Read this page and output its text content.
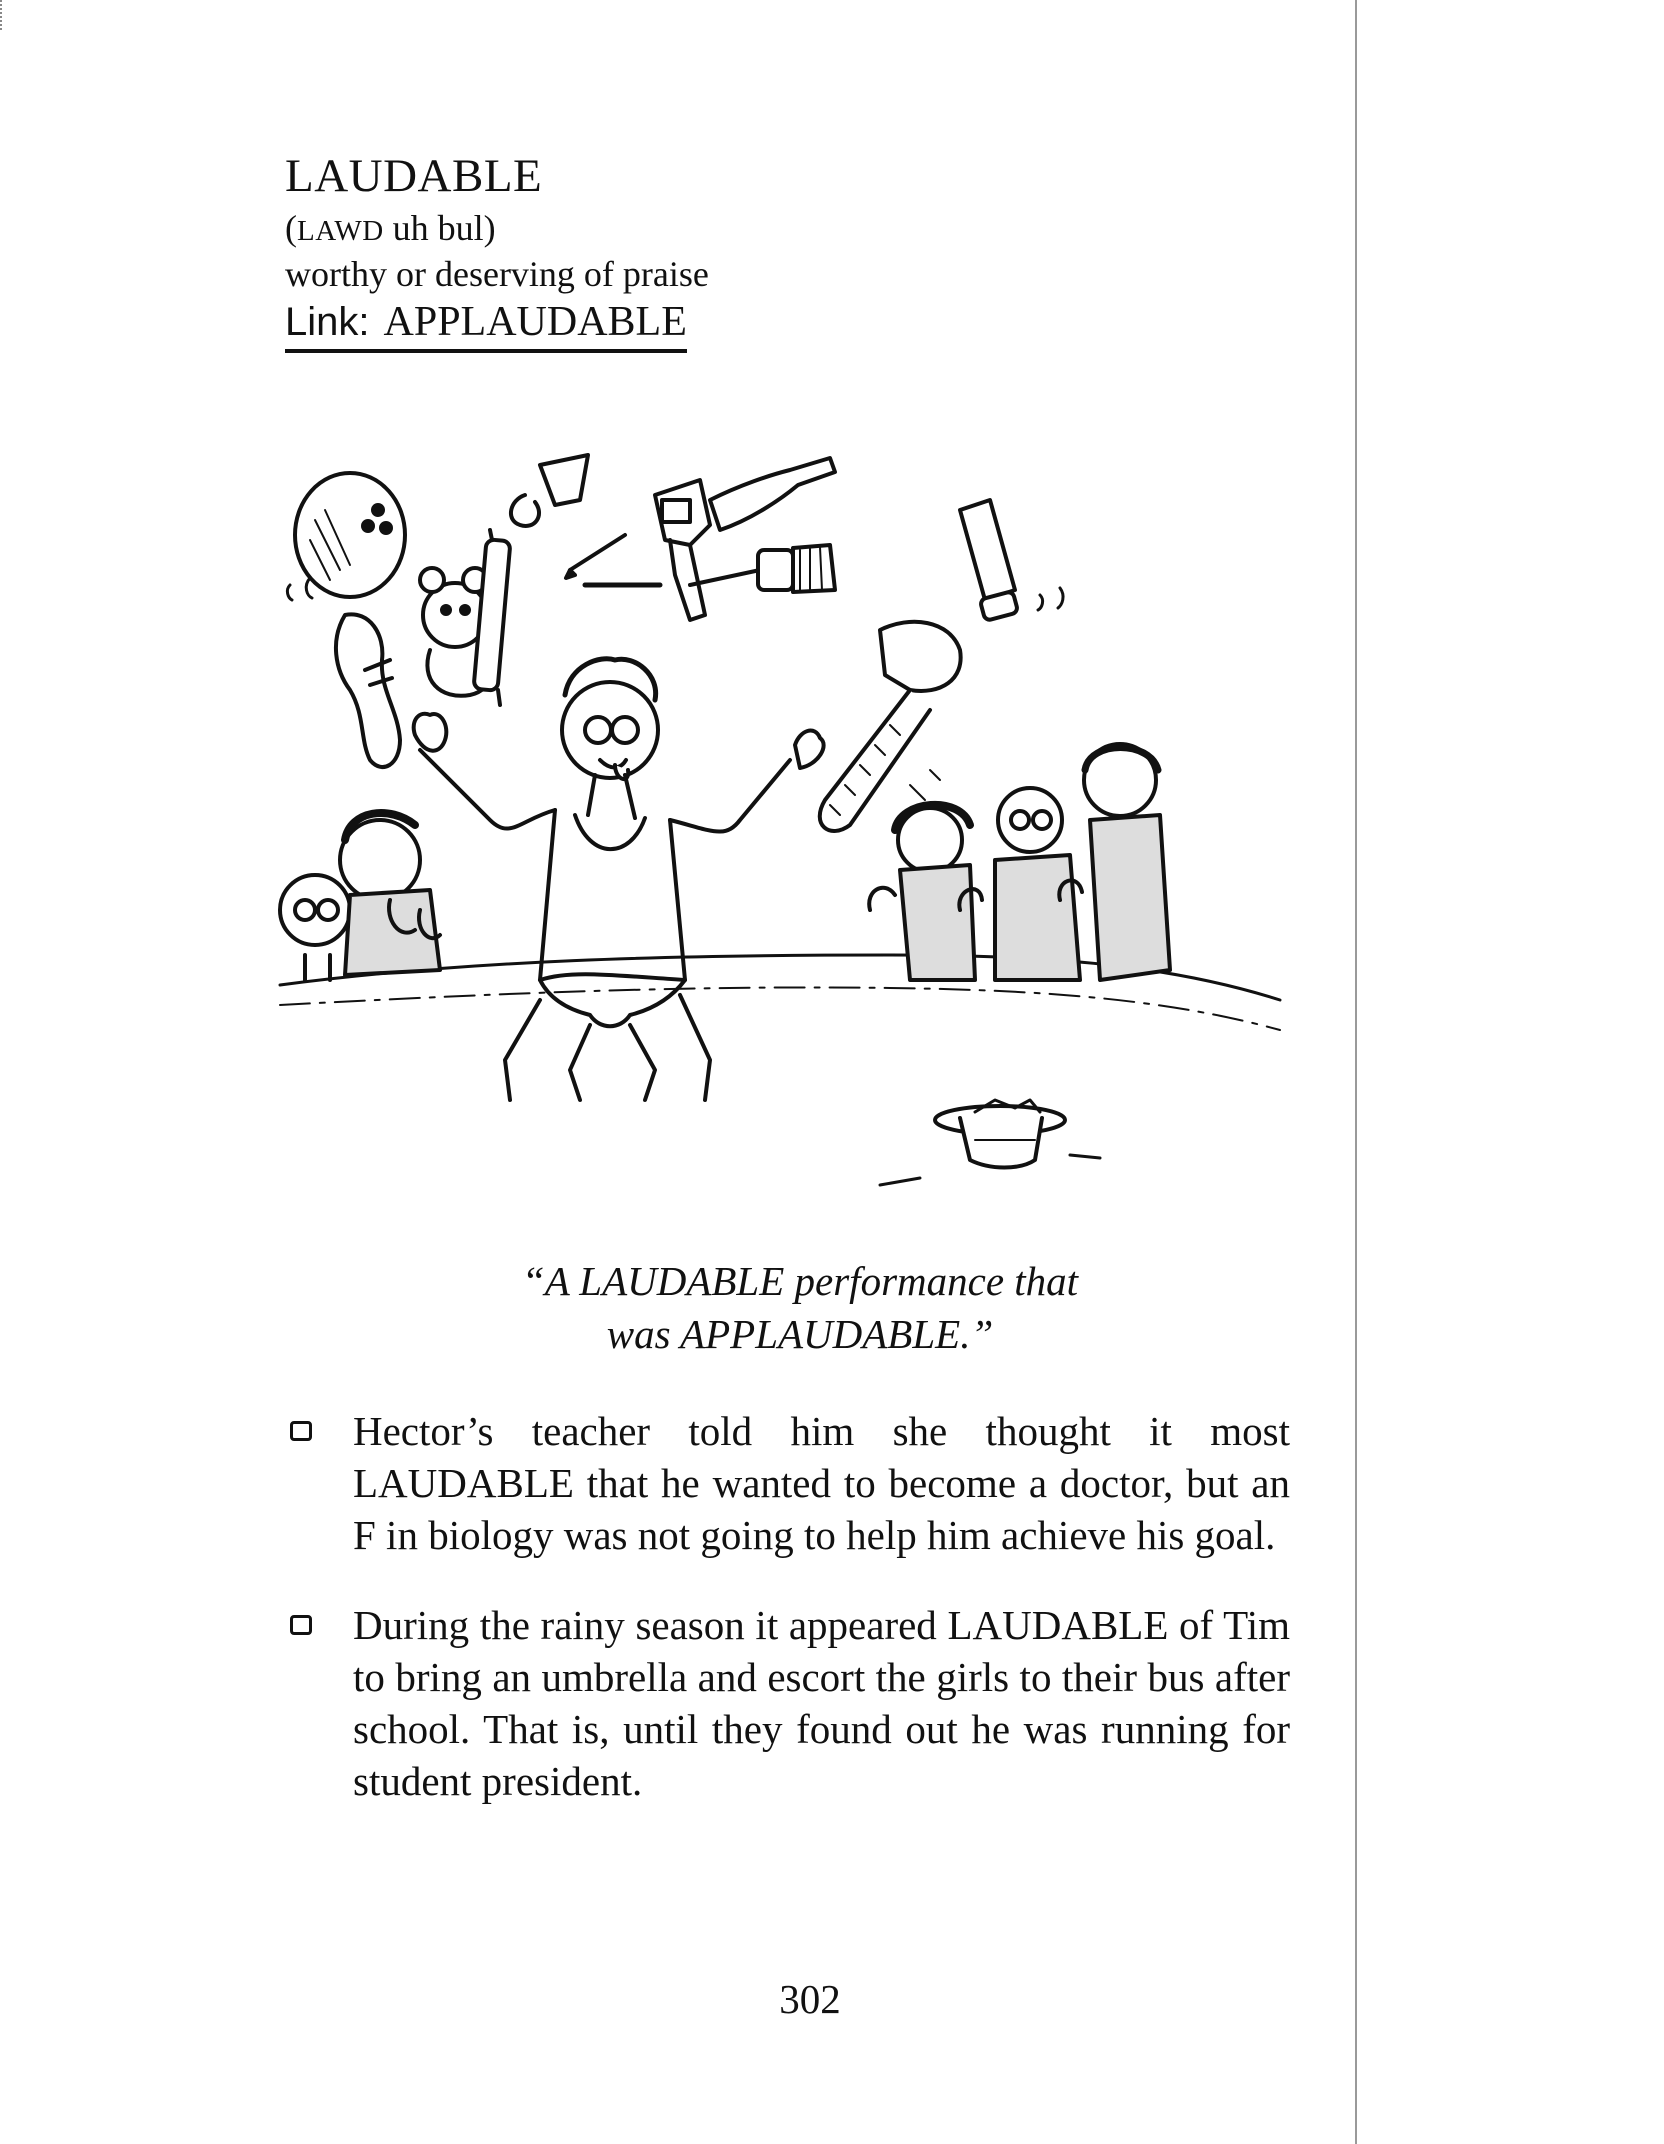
LAUDABLE
(LAWD uh bul)
worthy or deserving of praise
Link: APPLAUDABLE
“A LAUDABLE performance that
was APPLAUDABLE.”

Hector’s teacher told him she thought it most LAUDABLE that he wanted to become a doctor, but an F in biology was not going to help him achieve his goal.

During the rainy season it appeared LAUDABLE of Tim to bring an umbrella and escort the girls to their bus after school. That is, until they found out he was running for student president.

302
